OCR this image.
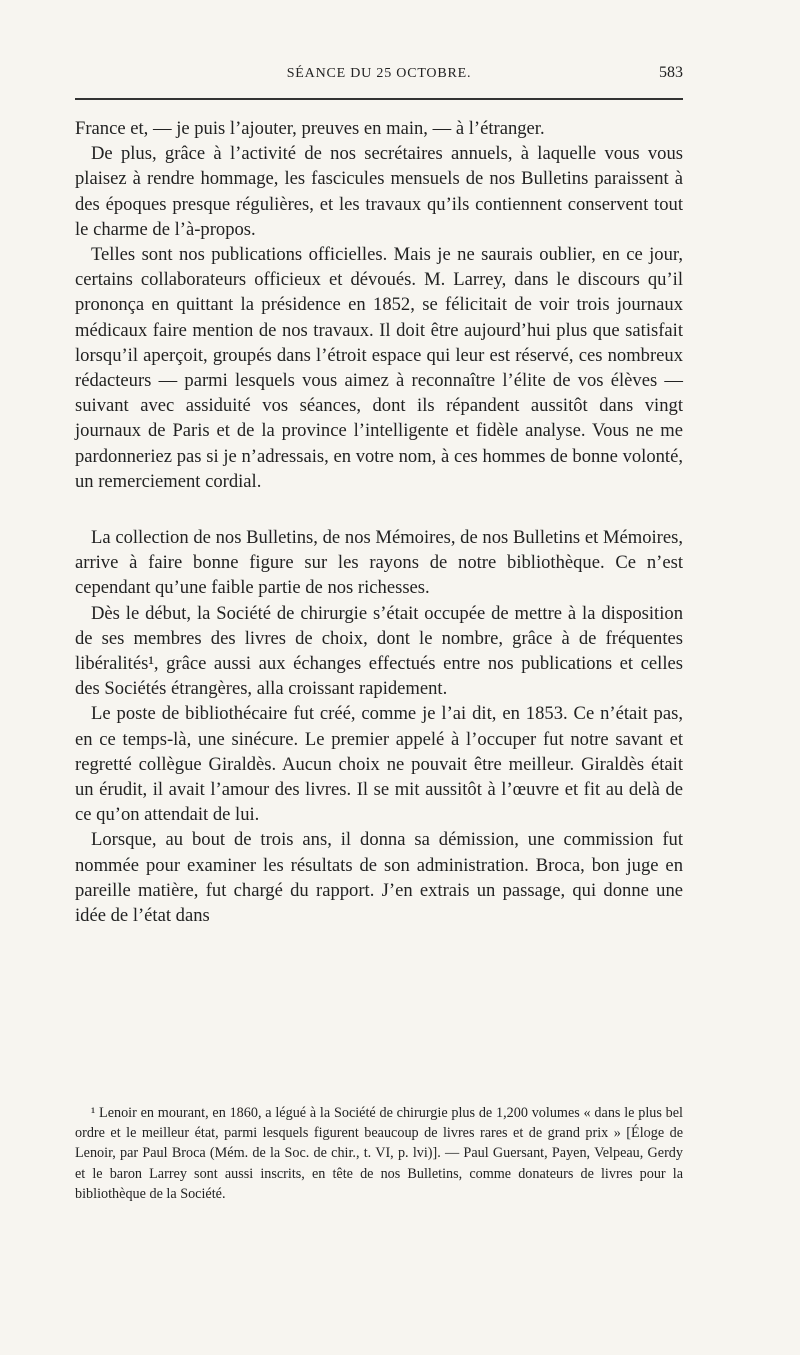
SÉANCE DU 25 OCTOBRE.	583

France et, — je puis l’ajouter, preuves en main, — à l’étranger.

De plus, grâce à l’activité de nos secrétaires annuels, à laquelle vous vous plaisez à rendre hommage, les fascicules mensuels de nos Bulletins paraissent à des époques presque régulières, et les travaux qu’ils contiennent conservent tout le charme de l’à-propos.

Telles sont nos publications officielles. Mais je ne saurais oublier, en ce jour, certains collaborateurs officieux et dévoués. M. Larrey, dans le discours qu’il prononça en quittant la présidence en 1852, se félicitait de voir trois journaux médicaux faire mention de nos travaux. Il doit être aujourd’hui plus que satisfait lorsqu’il aperçoit, groupés dans l’étroit espace qui leur est réservé, ces nombreux rédacteurs — parmi lesquels vous aimez à reconnaître l’élite de vos élèves — suivant avec assiduité vos séances, dont ils répandent aussitôt dans vingt journaux de Paris et de la province l’intelligente et fidèle analyse. Vous ne me pardonneriez pas si je n’adressais, en votre nom, à ces hommes de bonne volonté, un remerciement cordial.

La collection de nos Bulletins, de nos Mémoires, de nos Bulletins et Mémoires, arrive à faire bonne figure sur les rayons de notre bibliothèque. Ce n’est cependant qu’une faible partie de nos richesses.

Dès le début, la Société de chirurgie s’était occupée de mettre à la disposition de ses membres des livres de choix, dont le nombre, grâce à de fréquentes libéralités¹, grâce aussi aux échanges effectués entre nos publications et celles des Sociétés étrangères, alla croissant rapidement.

Le poste de bibliothécaire fut créé, comme je l’ai dit, en 1853. Ce n’était pas, en ce temps-là, une sinécure. Le premier appelé à l’occuper fut notre savant et regretté collègue Giraldès. Aucun choix ne pouvait être meilleur. Giraldès était un érudit, il avait l’amour des livres. Il se mit aussitôt à l’œuvre et fit au delà de ce qu’on attendait de lui.

Lorsque, au bout de trois ans, il donna sa démission, une commission fut nommée pour examiner les résultats de son administration. Broca, bon juge en pareille matière, fut chargé du rapport. J’en extrais un passage, qui donne une idée de l’état dans

¹ Lenoir en mourant, en 1860, a légué à la Société de chirurgie plus de 1,200 volumes « dans le plus bel ordre et le meilleur état, parmi lesquels figurent beaucoup de livres rares et de grand prix » [Éloge de Lenoir, par Paul Broca (Mém. de la Soc. de chir., t. VI, p. lvi)]. — Paul Guersant, Payen, Velpeau, Gerdy et le baron Larrey sont aussi inscrits, en tête de nos Bulletins, comme donateurs de livres pour la bibliothèque de la Société.
